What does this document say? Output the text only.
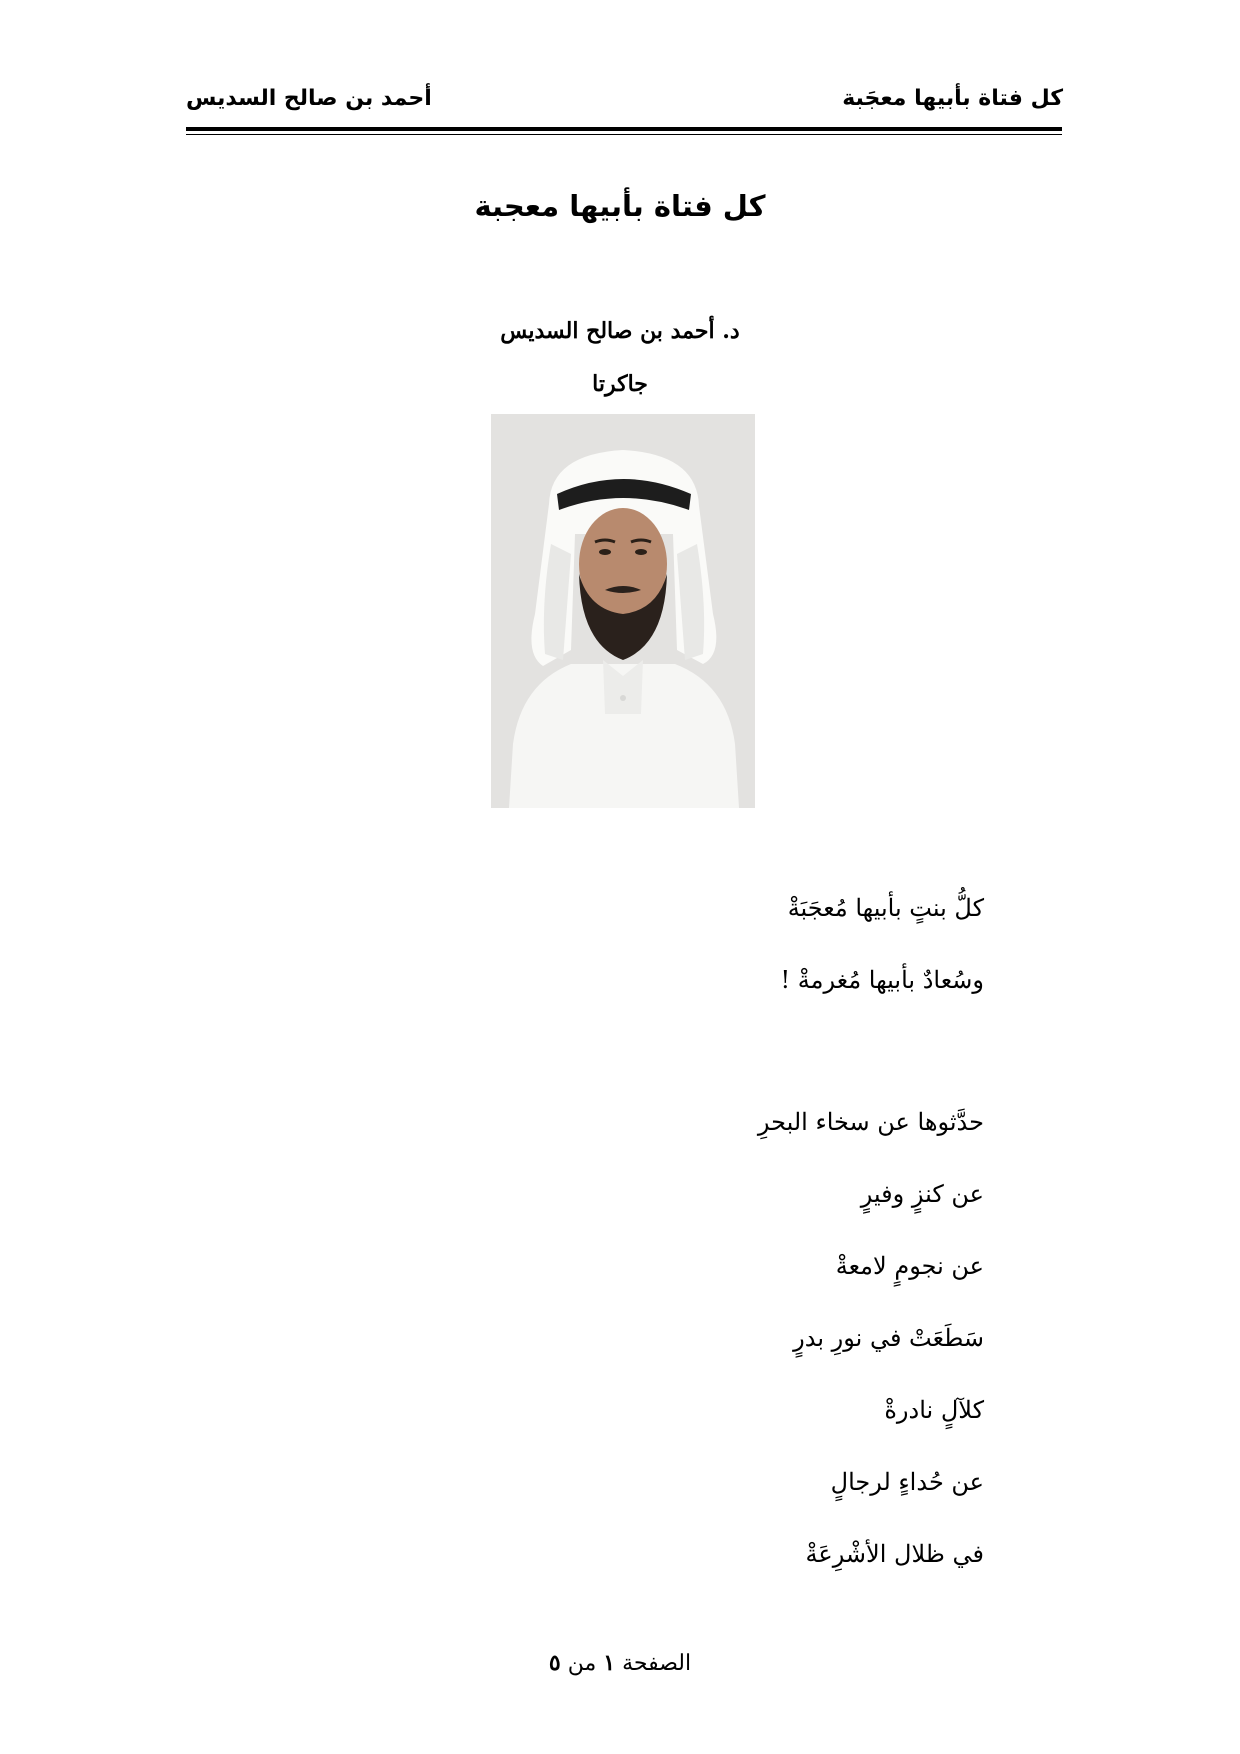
كل فتاة بأبيها معجَبة
أحمد بن صالح السديس
كل فتاة بأبيها معجبة
د. أحمد بن صالح السديس
جاكرتا
كلُّ بنتٍ بأبيها مُعجَبَةْ
وسُعادٌ بأبيها مُغرمةْ !
حدَّثوها عن سخاء البحرِ
عن كنزٍ وفيرٍ
عن نجومٍ لامعةْ
سَطَعَتْ في نورِ بدرٍ
كلآلٍ نادرةْ
عن حُداءٍ لرجالٍ
في ظلال الأشْرِعَةْ
الصفحة ١ من ٥
